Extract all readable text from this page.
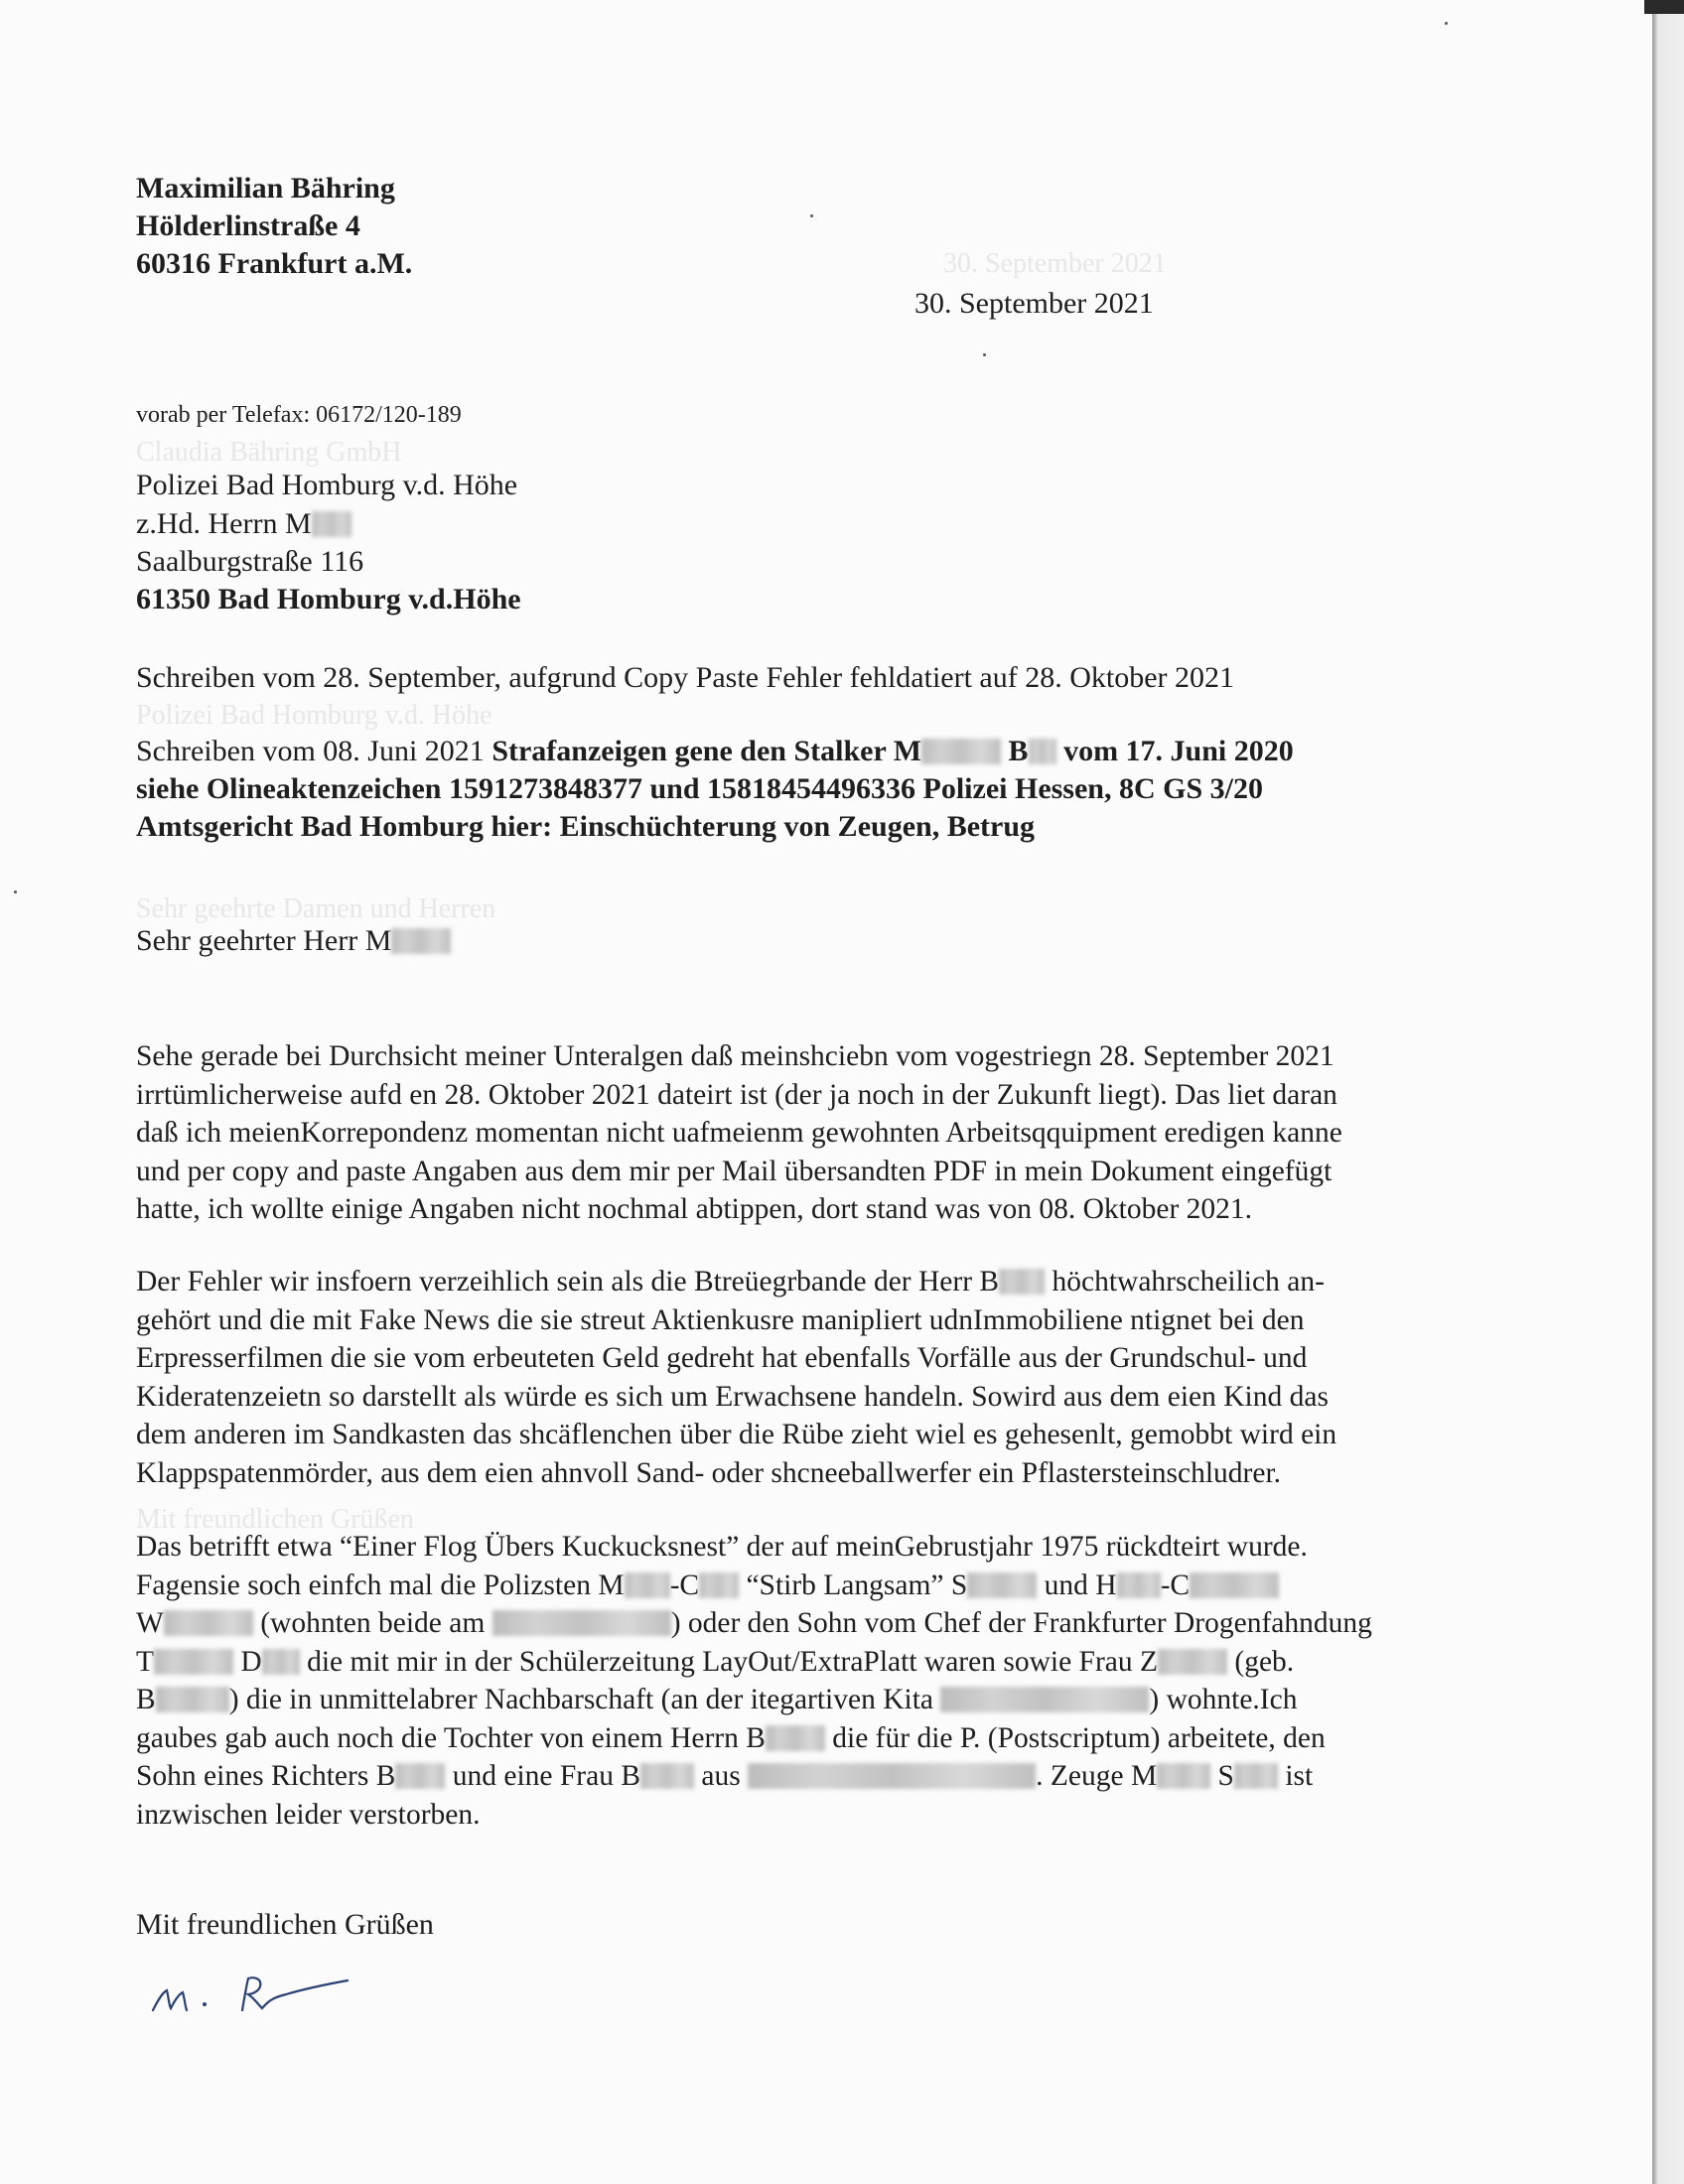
30. September 2021
Claudia Bähring GmbH
Polizei Bad Homburg v.d. Höhe
Sehr geehrte Damen und Herren
Mit freundlichen Grüßen
Maximilian Bähring
Hölderlinstraße 4
60316 Frankfurt a.M.
30. September 2021
vorab per Telefax: 06172/120-189
Polizei Bad Homburg v.d. Höhe
z.Hd. Herrn M
Saalburgstraße 116
61350 Bad Homburg v.d.Höhe
Schreiben vom 28. September, aufgrund Copy Paste Fehler fehldatiert auf 28. Oktober 2021
Schreiben vom 08. Juni 2021 Strafanzeigen gene den Stalker M	B vom 17. Juni 2020
siehe Olineaktenzeichen 1591273848377 und 15818454496336 Polizei Hessen, 8C GS 3/20
Amtsgericht Bad Homburg hier: Einschüchterung von Zeugen, Betrug
Sehr geehrter Herr M
Sehe gerade bei Durchsicht meiner Unteralgen daß meinshciebn vom vogestriegn 28. September 2021
irrtümlicherweise aufd en 28. Oktober 2021 dateirt ist (der ja noch in der Zukunft liegt). Das liet daran
daß ich meienKorrepondenz momentan nicht uafmeienm gewohnten Arbeitsqquipment eredigen kanne
und per copy and paste Angaben aus dem mir per Mail übersandten PDF in mein Dokument eingefügt
hatte, ich wollte einige Angaben nicht nochmal abtippen, dort stand was von 08. Oktober 2021.
Der Fehler wir insfoern verzeihlich sein als die Btreüegrbande der Herr B höchtwahrscheilich an-
gehört und die mit Fake News die sie streut Aktienkusre manipliert udnImmobiliene ntignet bei den
Erpresserfilmen die sie vom erbeuteten Geld gedreht hat ebenfalls Vorfälle aus der Grundschul- und
Kideratenzeietn so darstellt als würde es sich um Erwachsene handeln. Sowird aus dem eien Kind das
dem anderen im Sandkasten das shcäflenchen über die Rübe zieht wiel es gehesenlt, gemobbt wird ein
Klappspatenmörder, aus dem eien ahnvoll Sand- oder shcneeballwerfer ein Pflastersteinschludrer.
Das betrifft etwa “Einer Flog Übers Kuckucksnest” der auf meinGebrustjahr 1975 rückdteirt wurde.
Fagensie soch einfch mal die Polizsten M -C “Stirb Langsam” S und H -C
W	(wohnten beide am	) oder den Sohn vom Chef der Frankfurter Drogenfahndung
T	D die mit mir in der Schülerzeitung LayOut/ExtraPlatt waren sowie Frau Z (geb.
B	) die in unmittelabrer Nachbarschaft (an der itegartiven Kita	) wohnte.Ich
gaubes gab auch noch die Tochter von einem Herrn B die für die P. (Postscriptum) arbeitete, den
Sohn eines Richters B und eine Frau B aus	. Zeuge M S ist
inzwischen leider verstorben.
Mit freundlichen Grüßen
